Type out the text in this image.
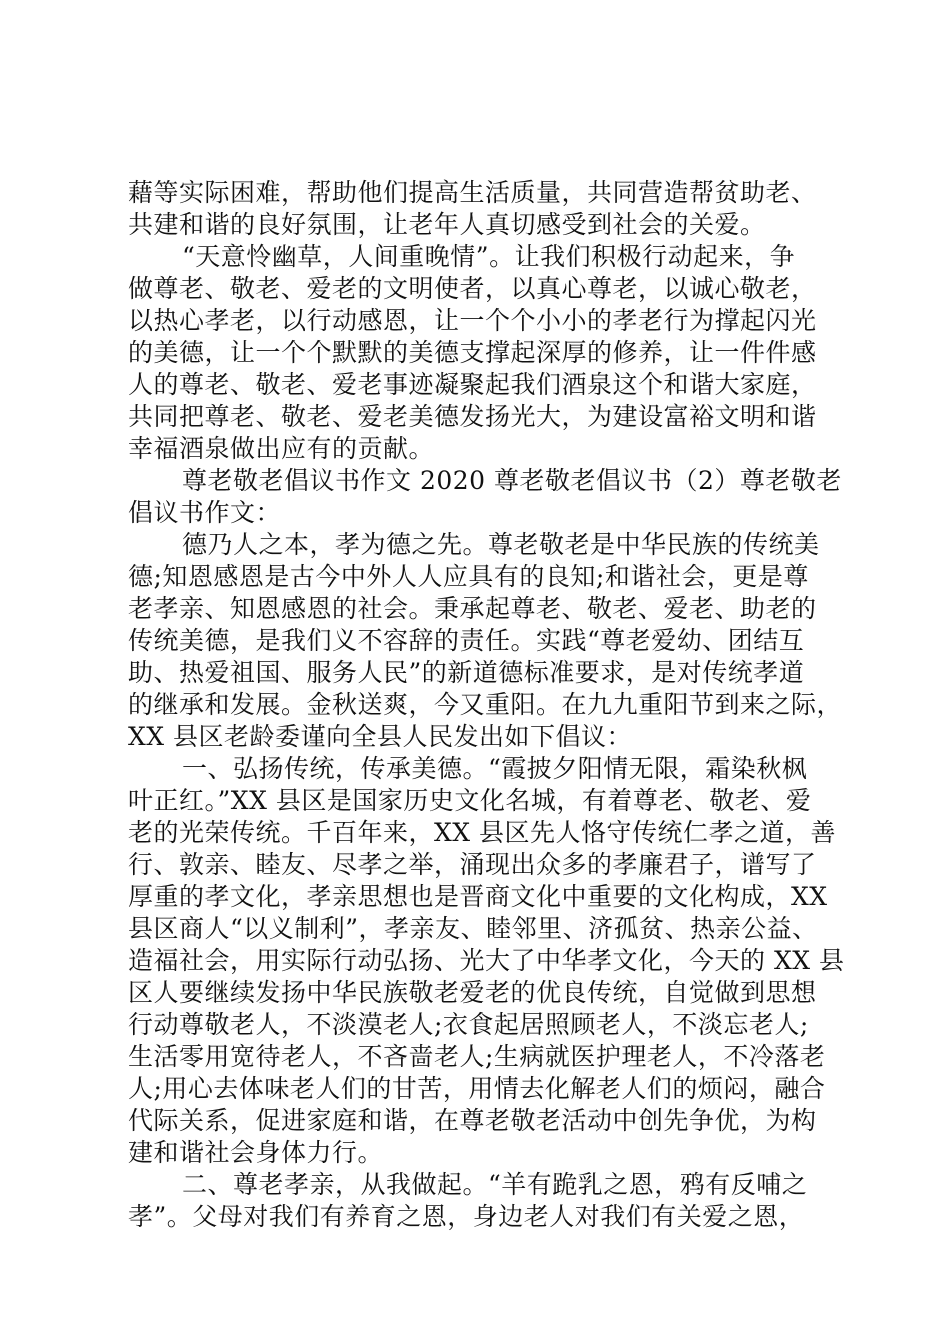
藉等实际困难，帮助他们提高生活质量，共同营造帮贫助老、
共建和谐的良好氛围，让老年人真切感受到社会的关爱。
“天意怜幽草，人间重晚情”。让我们积极行动起来，争
做尊老、敬老、爱老的文明使者，以真心尊老，以诚心敬老，
以热心孝老，以行动感恩，让一个个小小的孝老行为撑起闪光
的美德，让一个个默默的美德支撑起深厚的修养，让一件件感
人的尊老、敬老、爱老事迹凝聚起我们酒泉这个和谐大家庭，
共同把尊老、敬老、爱老美德发扬光大，为建设富裕文明和谐
幸福酒泉做出应有的贡献。
尊老敬老倡议书作文 2020 尊老敬老倡议书（2）尊老敬老
倡议书作文：
德乃人之本，孝为德之先。尊老敬老是中华民族的传统美
德;知恩感恩是古今中外人人应具有的良知;和谐社会，更是尊
老孝亲、知恩感恩的社会。秉承起尊老、敬老、爱老、助老的
传统美德，是我们义不容辞的责任。实践“尊老爱幼、团结互
助、热爱祖国、服务人民”的新道德标准要求，是对传统孝道
的继承和发展。金秋送爽，今又重阳。在九九重阳节到来之际，
XX 县区老龄委谨向全县人民发出如下倡议：
一、弘扬传统，传承美德。“霞披夕阳情无限，霜染秋枫
叶正红。”XX 县区是国家历史文化名城，有着尊老、敬老、爱
老的光荣传统。千百年来，XX 县区先人恪守传统仁孝之道，善
行、敦亲、睦友、尽孝之举，涌现出众多的孝廉君子，谱写了
厚重的孝文化，孝亲思想也是晋商文化中重要的文化构成，XX
县区商人“以义制利”，孝亲友、睦邻里、济孤贫、热亲公益、
造福社会，用实际行动弘扬、光大了中华孝文化，今天的 XX 县
区人要继续发扬中华民族敬老爱老的优良传统，自觉做到思想
行动尊敬老人，不淡漠老人;衣食起居照顾老人，不淡忘老人;
生活零用宽待老人，不吝啬老人;生病就医护理老人，不冷落老
人;用心去体味老人们的甘苦，用情去化解老人们的烦闷，融合
代际关系，促进家庭和谐，在尊老敬老活动中创先争优，为构
建和谐社会身体力行。
二、尊老孝亲，从我做起。“羊有跪乳之恩，鸦有反哺之
孝”。父母对我们有养育之恩，身边老人对我们有关爱之恩，
